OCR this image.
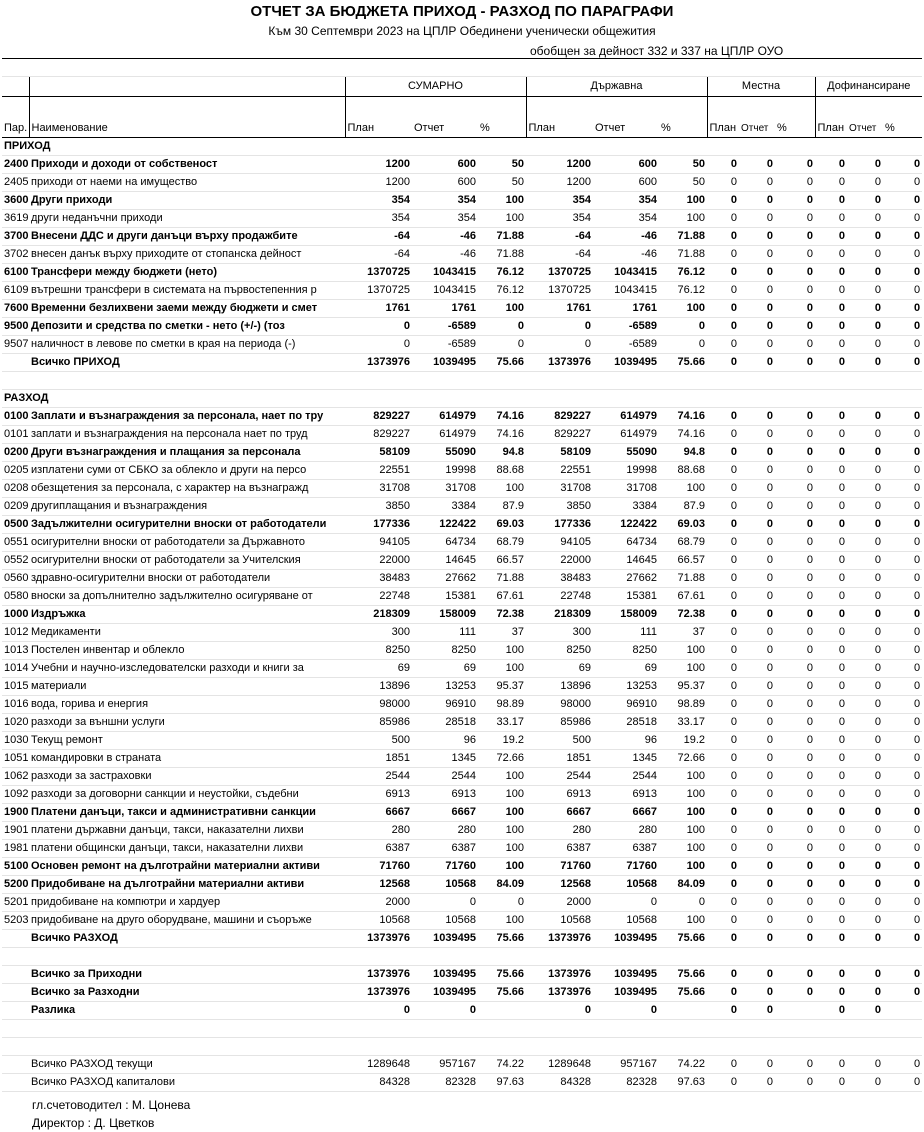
ОТЧЕТ ЗА БЮДЖЕТА ПРИХОД - РАЗХОД ПО ПАРАГРАФИ
Към 30 Септември 2023 на ЦПЛР Обединени ученически общежития
обобщен за дейност 332 и 337 на ЦПЛР ОУО

		СУМАРНО			Държавна			Местна			Дофинансиране		
Пар.	Наименование	План	Отчет	%	План	Отчет	%	План	Отчет	%	План	Отчет	%
ПРИХОД													
2400	Приходи и доходи от собственост	1200	600	50	1200	600	50	0	0	0	0	0	0
2405	приходи от наеми на имущество	1200	600	50	1200	600	50	0	0	0	0	0	0
3600	Други приходи	354	354	100	354	354	100	0	0	0	0	0	0
3619	други неданъчни приходи	354	354	100	354	354	100	0	0	0	0	0	0
3700	Внесени ДДС и други данъци върху продажбите	-64	-46	71.88	-64	-46	71.88	0	0	0	0	0	0
3702	внесен данък върху приходите от стопанска дейност	-64	-46	71.88	-64	-46	71.88	0	0	0	0	0	0
6100	Трансфери между бюджети (нето)	1370725	1043415	76.12	1370725	1043415	76.12	0	0	0	0	0	0
6109	вътрешни трансфери в системата на първостепенния р	1370725	1043415	76.12	1370725	1043415	76.12	0	0	0	0	0	0
7600	Временни безлихвени заеми между бюджети и смет	1761	1761	100	1761	1761	100	0	0	0	0	0	0
9500	Депозити и средства по сметки - нето (+/-) (тоз	0	-6589	0	0	-6589	0	0	0	0	0	0	0
9507	наличност в левове по сметки в края на периода (-)	0	-6589	0	0	-6589	0	0	0	0	0	0	0
	Всичко ПРИХОД	1373976	1039495	75.66	1373976	1039495	75.66	0	0	0	0	0	0

РАЗХОД													
0100	Заплати и възнаграждения за персонала, нает по тру	829227	614979	74.16	829227	614979	74.16	0	0	0	0	0	0
0101	заплати и възнаграждения на персонала нает по труд	829227	614979	74.16	829227	614979	74.16	0	0	0	0	0	0
0200	Други възнаграждения и плащания за персонала	58109	55090	94.8	58109	55090	94.8	0	0	0	0	0	0
0205	изплатени суми от СБКО за облекло и други на персо	22551	19998	88.68	22551	19998	88.68	0	0	0	0	0	0
0208	обезщетения за персонала, с характер на възнагражд	31708	31708	100	31708	31708	100	0	0	0	0	0	0
0209	другиплащания и възнаграждения	3850	3384	87.9	3850	3384	87.9	0	0	0	0	0	0
0500	Задължителни осигурителни вноски от работодатели	177336	122422	69.03	177336	122422	69.03	0	0	0	0	0	0
0551	осигурителни вноски от работодатели за Държавното	94105	64734	68.79	94105	64734	68.79	0	0	0	0	0	0
0552	осигурителни вноски от работодатели за Учителския	22000	14645	66.57	22000	14645	66.57	0	0	0	0	0	0
0560	здравно-осигурителни вноски от работодатели	38483	27662	71.88	38483	27662	71.88	0	0	0	0	0	0
0580	вноски за допълнително задължително осигуряване от	22748	15381	67.61	22748	15381	67.61	0	0	0	0	0	0
1000	Издръжка	218309	158009	72.38	218309	158009	72.38	0	0	0	0	0	0
1012	Медикаменти	300	111	37	300	111	37	0	0	0	0	0	0
1013	Постелен инвентар и облекло	8250	8250	100	8250	8250	100	0	0	0	0	0	0
1014	Учебни и научно-изследователски разходи и книги за	69	69	100	69	69	100	0	0	0	0	0	0
1015	материали	13896	13253	95.37	13896	13253	95.37	0	0	0	0	0	0
1016	вода, горива и енергия	98000	96910	98.89	98000	96910	98.89	0	0	0	0	0	0
1020	разходи за външни услуги	85986	28518	33.17	85986	28518	33.17	0	0	0	0	0	0
1030	Текущ ремонт	500	96	19.2	500	96	19.2	0	0	0	0	0	0
1051	командировки в страната	1851	1345	72.66	1851	1345	72.66	0	0	0	0	0	0
1062	разходи за застраховки	2544	2544	100	2544	2544	100	0	0	0	0	0	0
1092	разходи за договорни санкции и неустойки, съдебни	6913	6913	100	6913	6913	100	0	0	0	0	0	0
1900	Платени данъци, такси и административни санкции	6667	6667	100	6667	6667	100	0	0	0	0	0	0
1901	платени държавни данъци, такси, наказателни лихви	280	280	100	280	280	100	0	0	0	0	0	0
1981	платени общински данъци, такси, наказателни лихви	6387	6387	100	6387	6387	100	0	0	0	0	0	0
5100	Основен ремонт на дълготрайни материални активи	71760	71760	100	71760	71760	100	0	0	0	0	0	0
5200	Придобиване на дълготрайни материални активи	12568	10568	84.09	12568	10568	84.09	0	0	0	0	0	0
5201	придобиване на компютри и хардуер	2000	0	0	2000	0	0	0	0	0	0	0	0
5203	придобиване на друго оборудване, машини и съоръже	10568	10568	100	10568	10568	100	0	0	0	0	0	0
	Всичко РАЗХОД	1373976	1039495	75.66	1373976	1039495	75.66	0	0	0	0	0	0

	Всичко за Приходни	1373976	1039495	75.66	1373976	1039495	75.66	0	0	0	0	0	0
	Всичко за Разходни	1373976	1039495	75.66	1373976	1039495	75.66	0	0	0	0	0	0
	Разлика	0	0		0	0		0	0		0	0	

	Всичко РАЗХОД текущи	1289648	957167	74.22	1289648	957167	74.22	0	0	0	0	0	0
	Всичко РАЗХОД капиталови	84328	82328	97.63	84328	82328	97.63	0	0	0	0	0	0
гл.счетоводител : М. Цонева
Директор : Д. Цветков
